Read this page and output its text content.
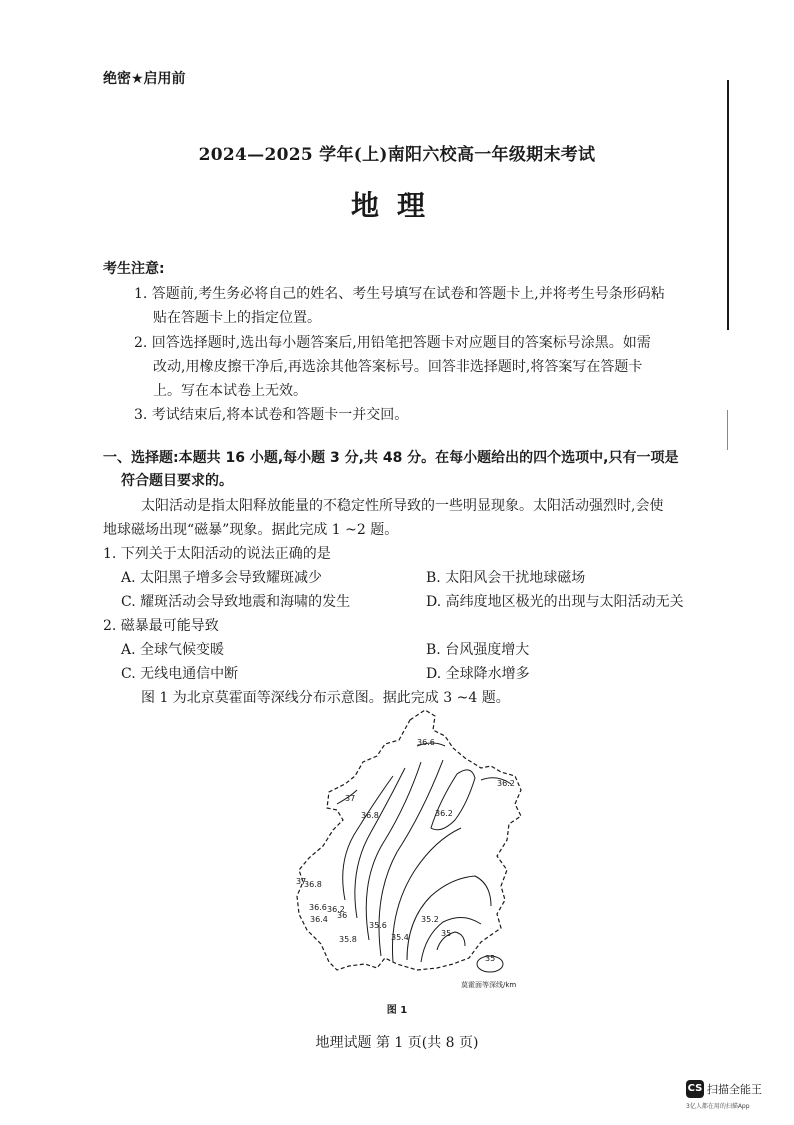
绝密★启用前
2024—2025 学年(上)南阳六校高一年级期末考试
地理
考生注意:
1. 答题前,考生务必将自己的姓名、考生号填写在试卷和答题卡上,并将考生号条形码粘
贴在答题卡上的指定位置。
2. 回答选择题时,选出每小题答案后,用铅笔把答题卡对应题目的答案标号涂黑。如需
改动,用橡皮擦干净后,再选涂其他答案标号。回答非选择题时,将答案写在答题卡
上。写在本试卷上无效。
3. 考试结束后,将本试卷和答题卡一并交回。
一、选择题:本题共 16 小题,每小题 3 分,共 48 分。在每小题给出的四个选项中,只有一项是
符合题目要求的。
太阳活动是指太阳释放能量的不稳定性所导致的一些明显现象。太阳活动强烈时,会使
地球磁场出现“磁暴”现象。据此完成 1 ~2 题。
1. 下列关于太阳活动的说法正确的是
A. 太阳黑子增多会导致耀斑减少	B. 太阳风会干扰地球磁场
C. 耀斑活动会导致地震和海啸的发生	D. 高纬度地区极光的出现与太阳活动无关
2. 磁暴最可能导致
A. 全球气候变暖	B. 台风强度增大
C. 无线电通信中断	D. 全球降水增多
图 1 为北京莫霍面等深线分布示意图。据此完成 3 ~4 题。
36.6
36.2
37
36.8	36.2
37
36.8
36.6 36.2
36.4 36
35.6
35.2
35.8	35.4	35
35
莫霍面等深线/km
图 1
地理试题 第 1 页(共 8 页)
CS 扫描全能王
3亿人都在用的扫描App
